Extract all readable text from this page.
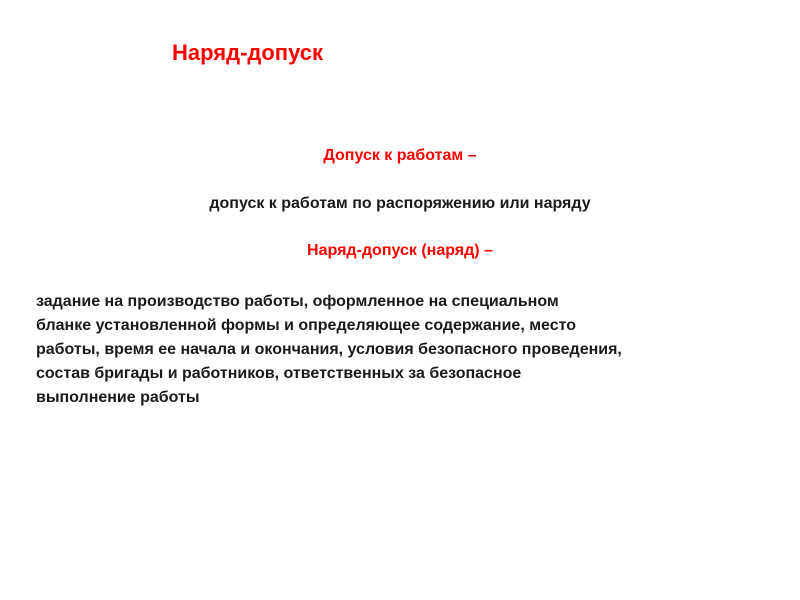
Наряд-допуск
Допуск к работам –
допуск к работам по распоряжению или наряду
Наряд-допуск (наряд) –
задание на производство работы, оформленное на специальном
бланке установленной формы и определяющее содержание, место
работы, время ее начала и окончания, условия безопасного проведения,
состав бригады и работников, ответственных за безопасное
выполнение работы
